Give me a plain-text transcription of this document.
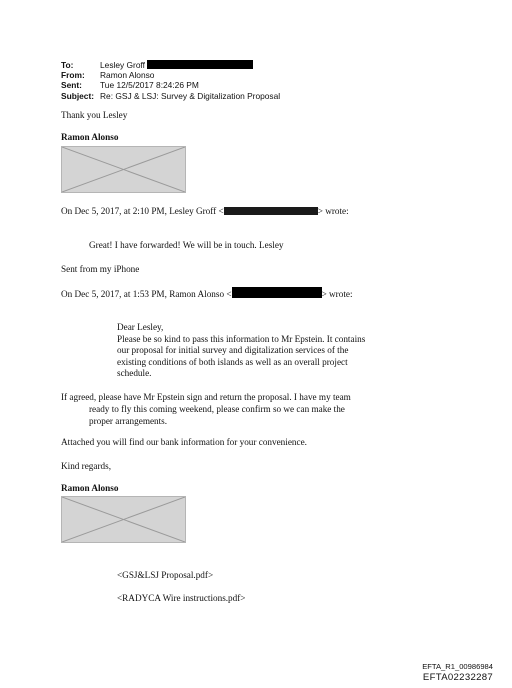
To:	Lesley Groff
From:	Ramon Alonso
Sent:	Tue 12/5/2017 8:24:26 PM
Subject: Re: GSJ & LSJ: Survey & Digitalization Proposal
Thank you Lesley
Ramon Alonso
On Dec 5, 2017, at 2:10 PM, Lesley Groff <	> wrote:
Great! I have forwarded! We will be in touch. Lesley
Sent from my iPhone
On Dec 5, 2017, at 1:53 PM, Ramon Alonso <	> wrote:
Dear Lesley,
Please be so kind to pass this information to Mr Epstein. It contains
our proposal for initial survey and digitalization services of the
existing conditions of both islands as well as an overall project
schedule.
If agreed, please have Mr Epstein sign and return the proposal. I have my team
ready to fly this coming weekend, please confirm so we can make the
proper arrangements.
Attached you will find our bank information for your convenience.
Kind regards,
Ramon Alonso
<GSJ&LSJ Proposal.pdf>
<RADYCA Wire instructions.pdf>
EFTA_R1_00986984
EFTA02232287
